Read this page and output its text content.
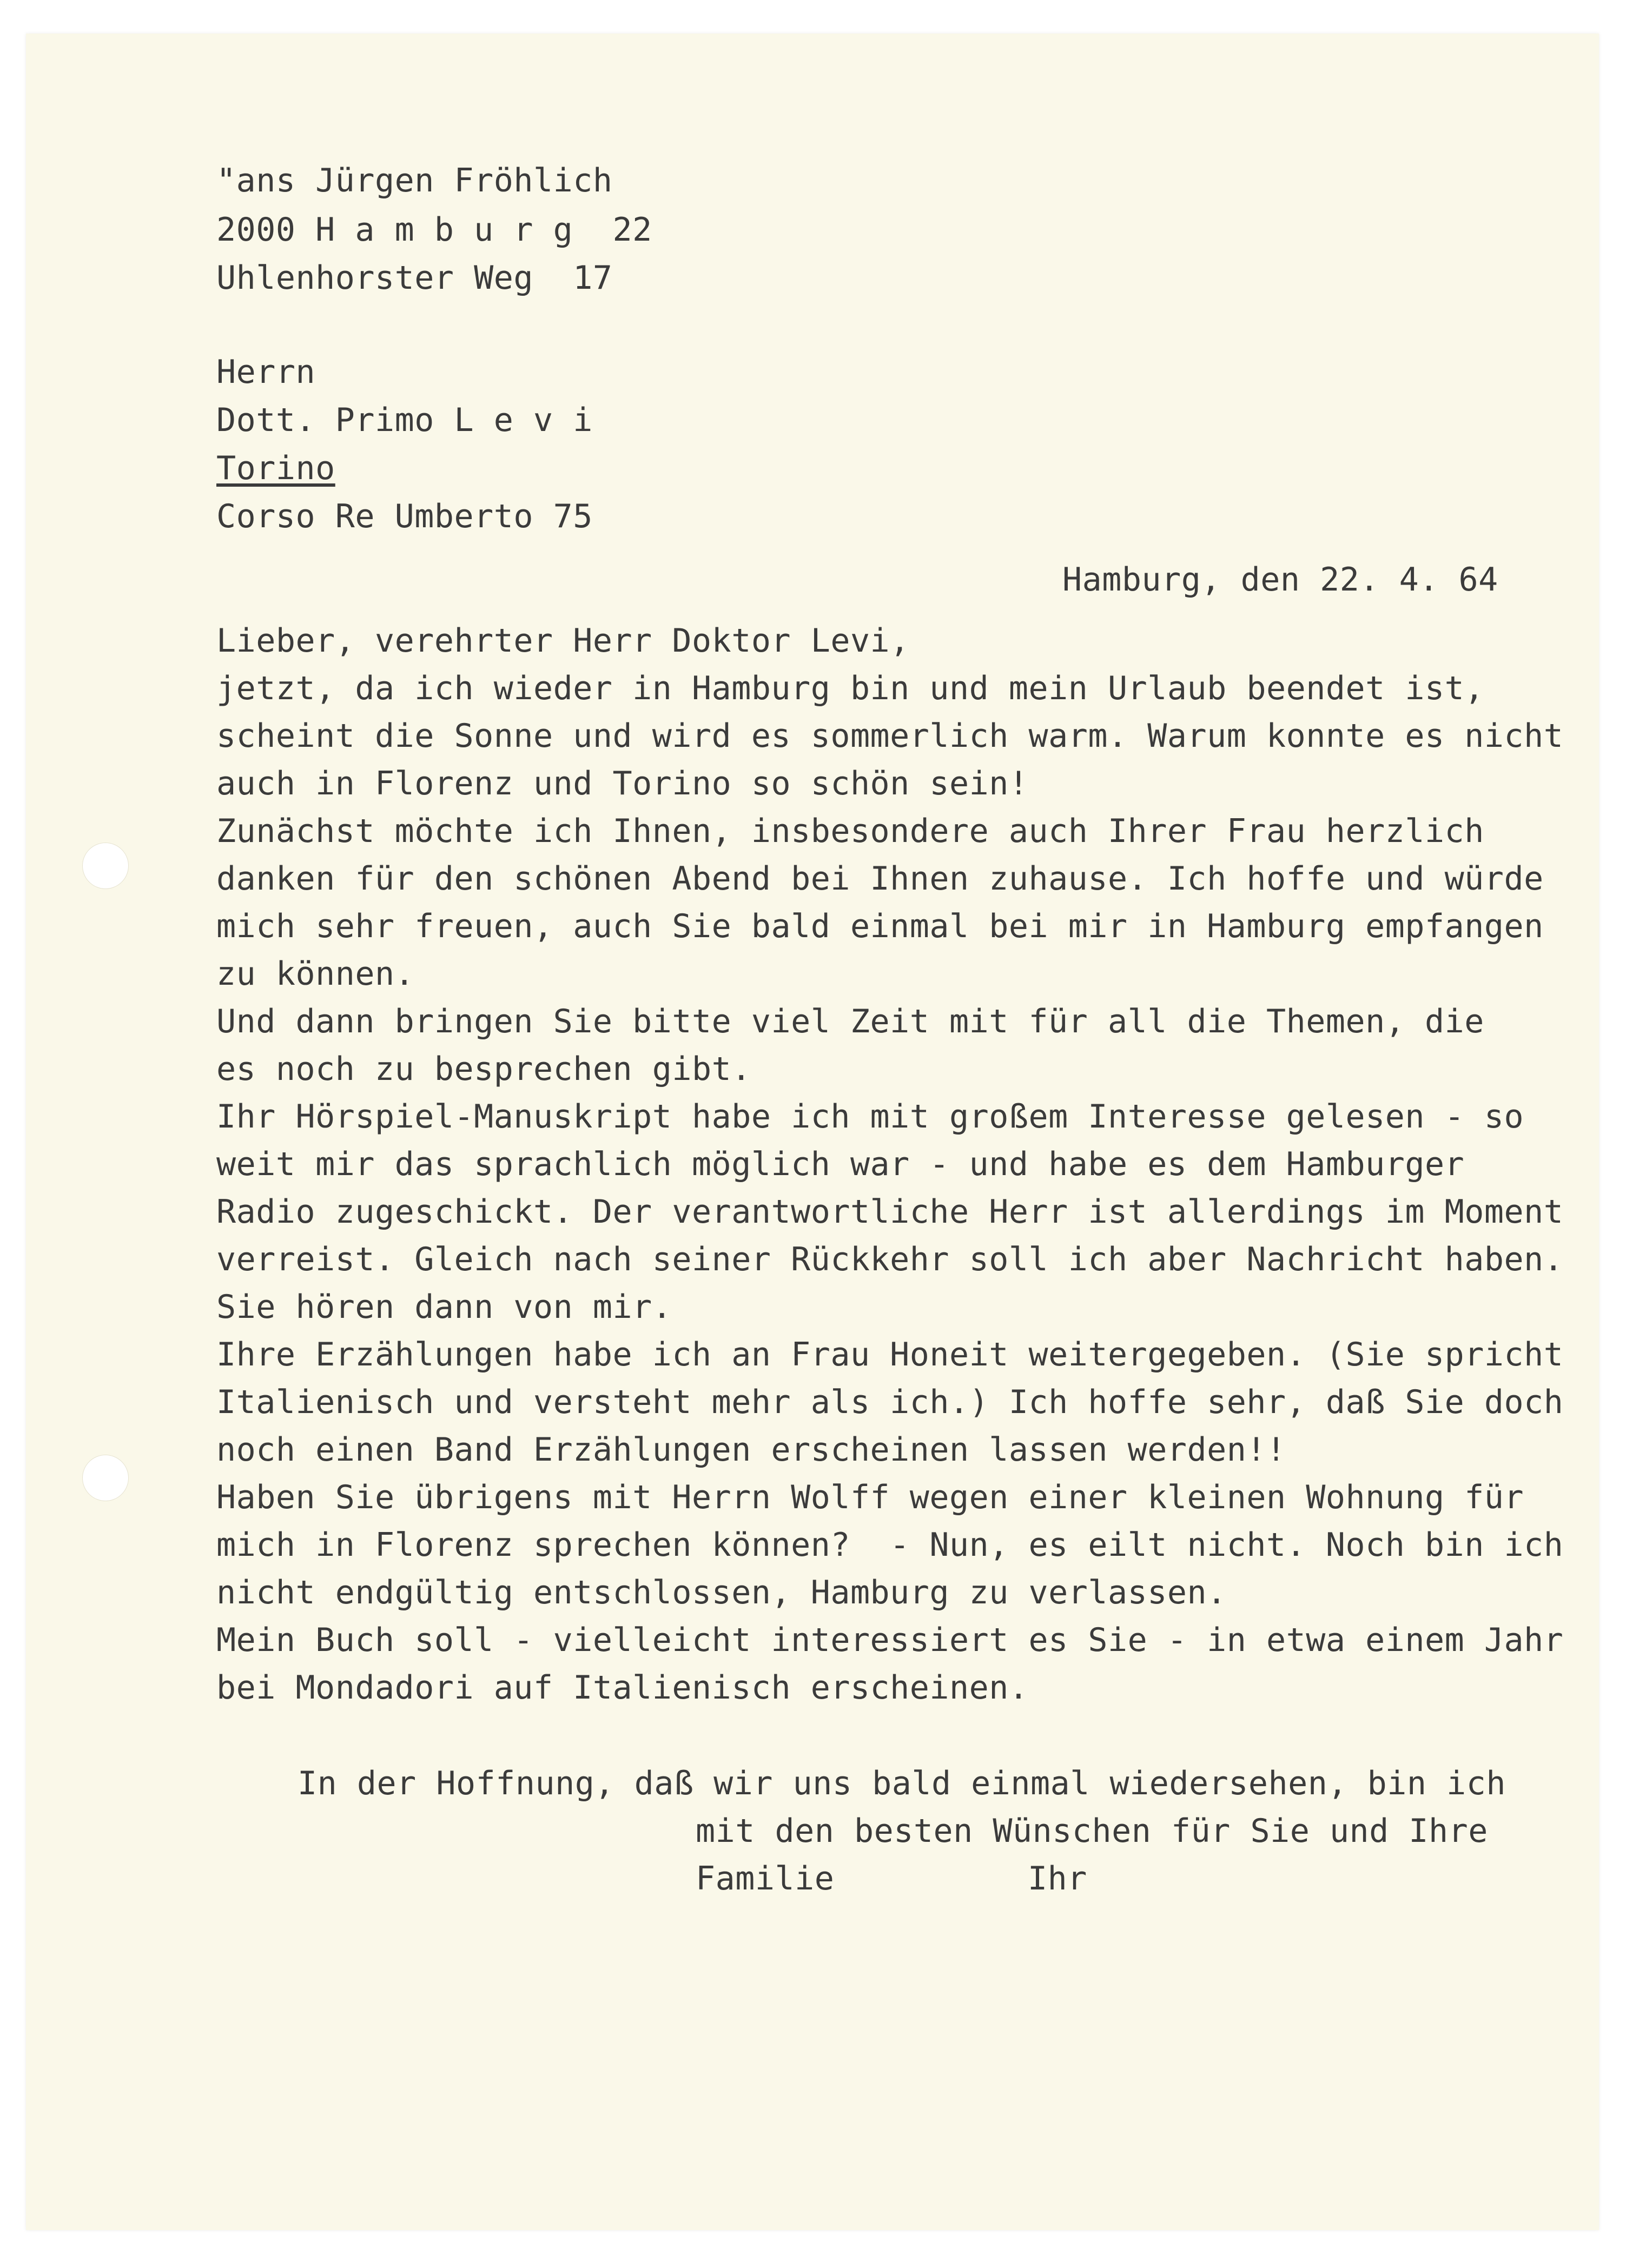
"ans Jürgen Fröhlich

2000 H a m b u r g  22

Uhlenhorster Weg  17

Herrn

Dott. Primo L e v i

Torino

Corso Re Umberto 75

Hamburg, den 22. 4. 64

Lieber, verehrter Herr Doktor Levi,

jetzt, da ich wieder in Hamburg bin und mein Urlaub beendet ist,

scheint die Sonne und wird es sommerlich warm. Warum konnte es nicht

auch in Florenz und Torino so schön sein!

Zunächst möchte ich Ihnen, insbesondere auch Ihrer Frau herzlich

danken für den schönen Abend bei Ihnen zuhause. Ich hoffe und würde

mich sehr freuen, auch Sie bald einmal bei mir in Hamburg empfangen

zu können.

Und dann bringen Sie bitte viel Zeit mit für all die Themen, die

es noch zu besprechen gibt.

Ihr Hörspiel-Manuskript habe ich mit großem Interesse gelesen - so

weit mir das sprachlich möglich war - und habe es dem Hamburger

Radio zugeschickt. Der verantwortliche Herr ist allerdings im Moment

verreist. Gleich nach seiner Rückkehr soll ich aber Nachricht haben.

Sie hören dann von mir.

Ihre Erzählungen habe ich an Frau Honeit weitergegeben. (Sie spricht

Italienisch und versteht mehr als ich.) Ich hoffe sehr, daß Sie doch

noch einen Band Erzählungen erscheinen lassen werden!!

Haben Sie übrigens mit Herrn Wolff wegen einer kleinen Wohnung für

mich in Florenz sprechen können?  - Nun, es eilt nicht. Noch bin ich

nicht endgültig entschlossen, Hamburg zu verlassen.

Mein Buch soll - vielleicht interessiert es Sie - in etwa einem Jahr

bei Mondadori auf Italienisch erscheinen.

In der Hoffnung, daß wir uns bald einmal wiedersehen, bin ich

mit den besten Wünschen für Sie und Ihre

Familie

	Ihr
